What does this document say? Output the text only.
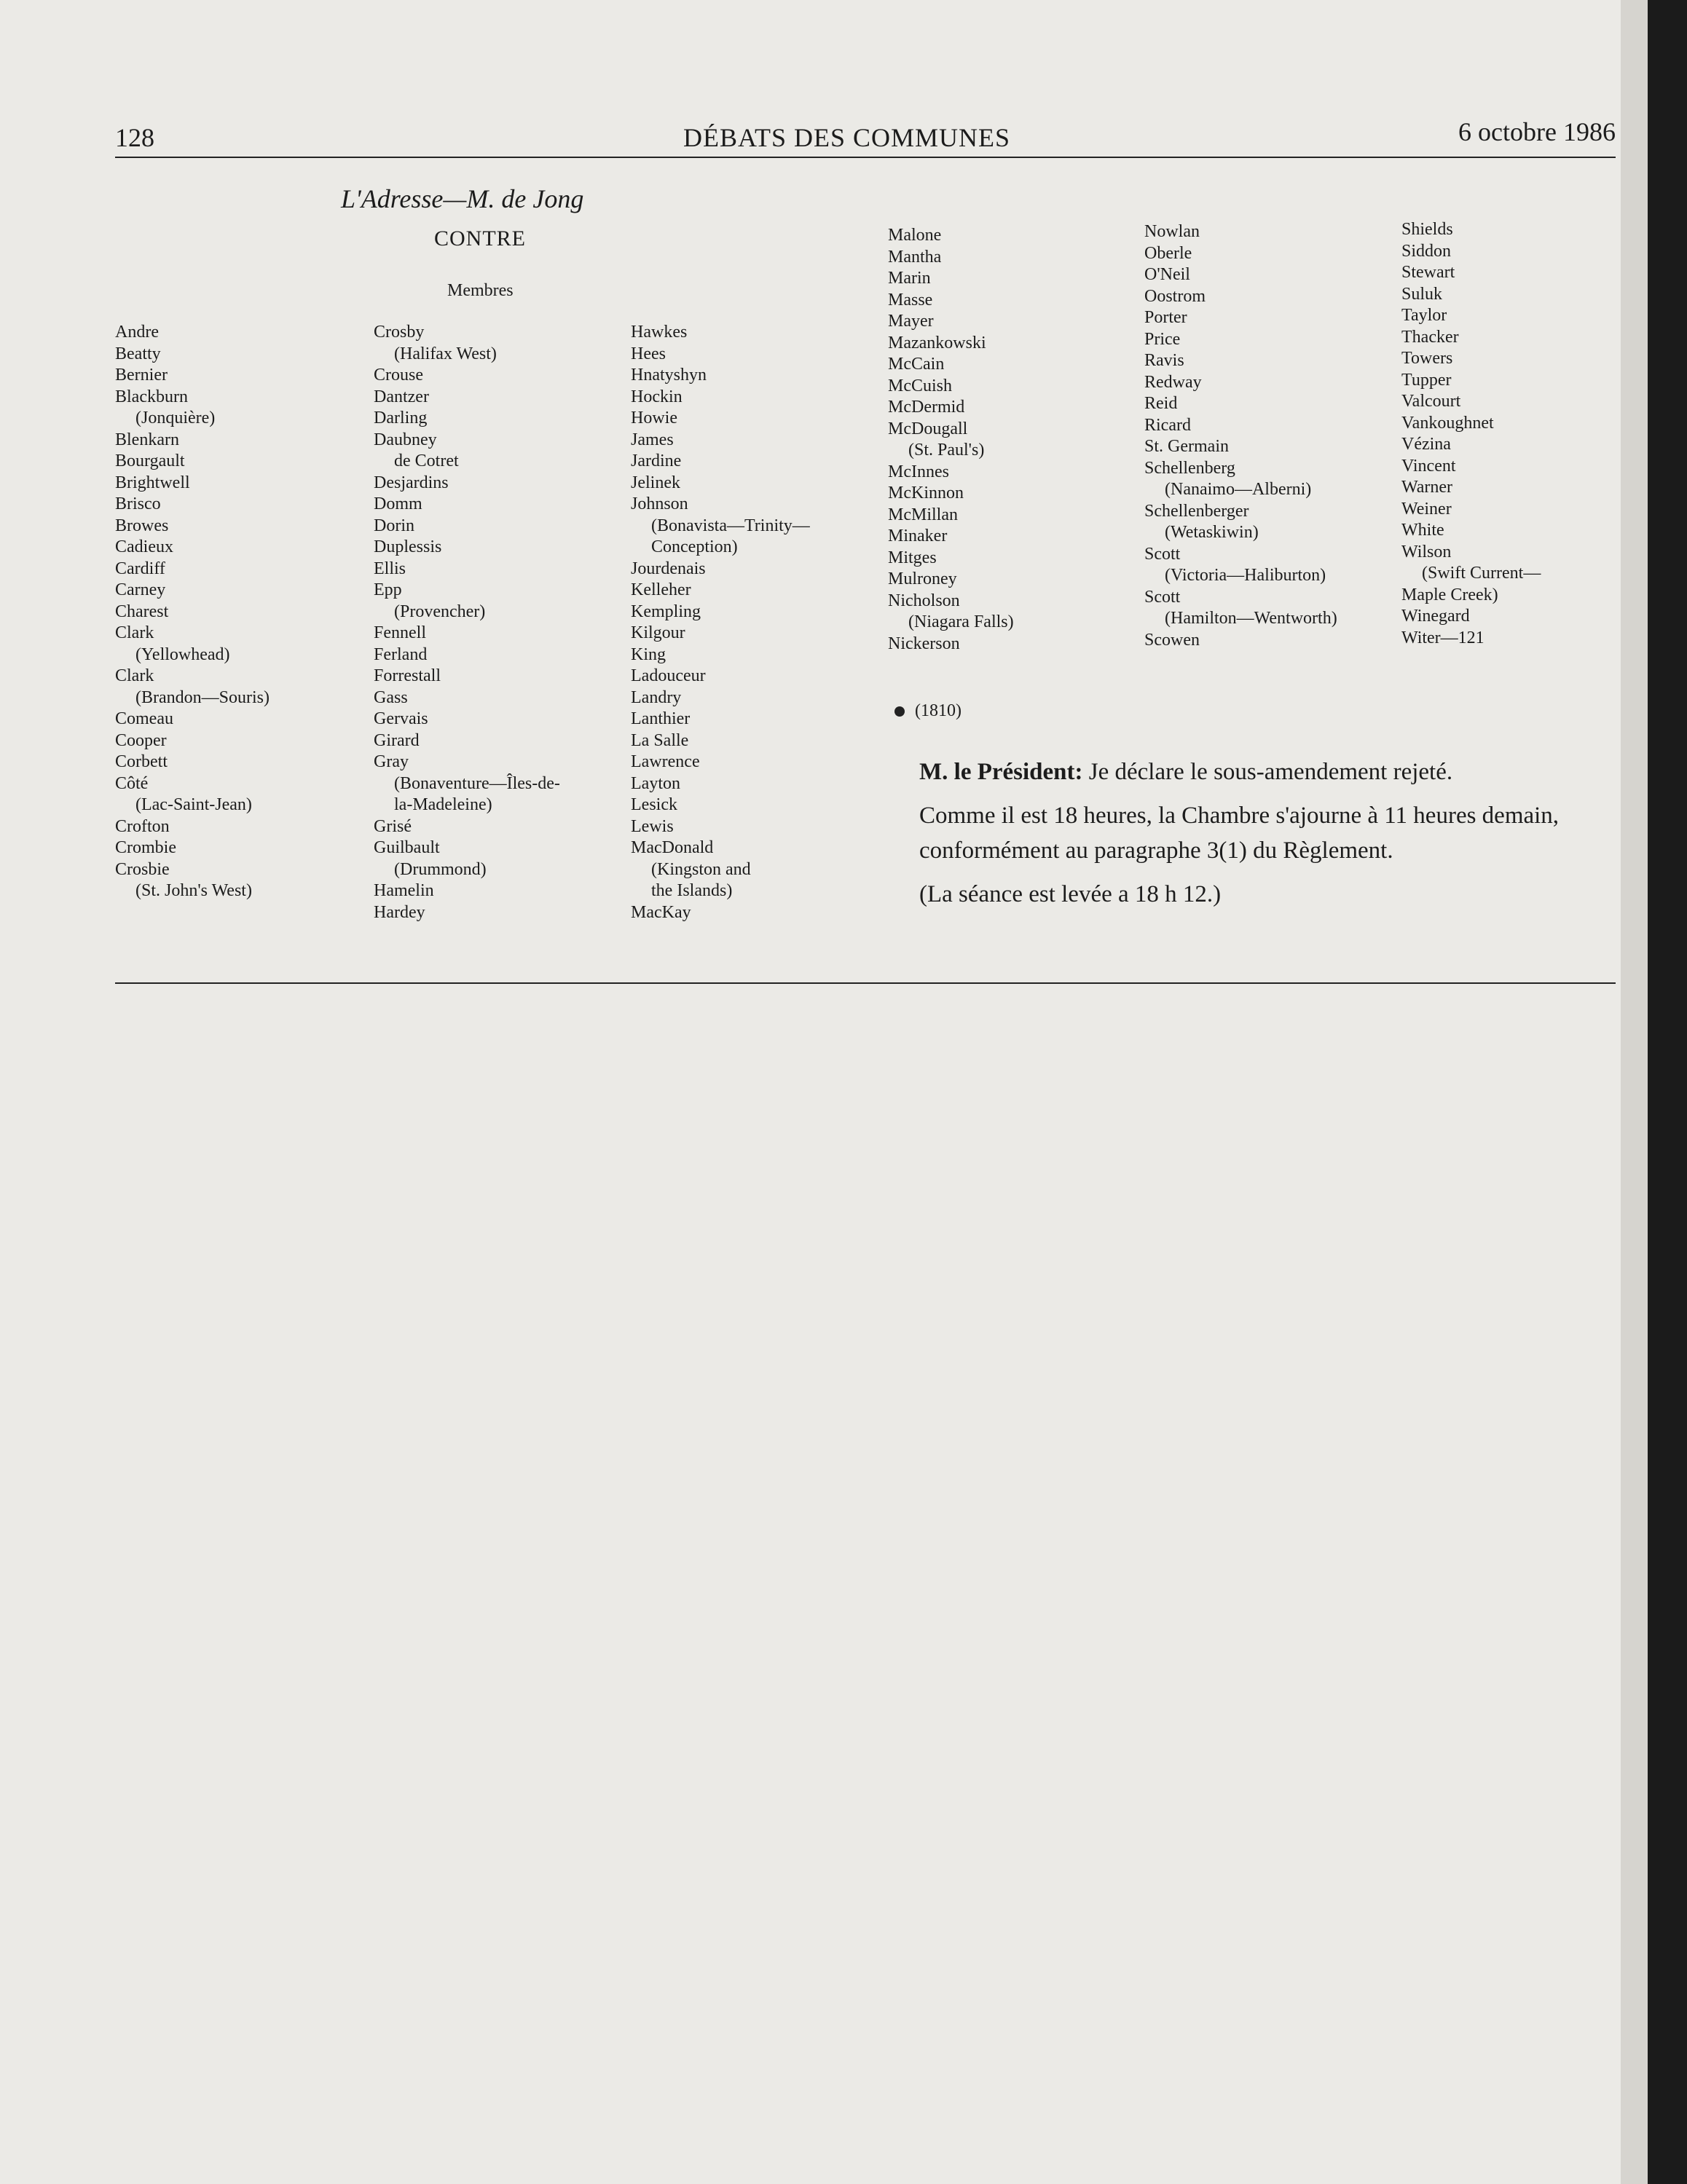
128	DÉBATS DES COMMUNES	6 octobre 1986
L'Adresse—M. de Jong
CONTRE
Membres
Andre
Beatty
Bernier
Blackburn
(Jonquière)
Blenkarn
Bourgault
Brightwell
Brisco
Browes
Cadieux
Cardiff
Carney
Charest
Clark
(Yellowhead)
Clark
(Brandon—Souris)
Comeau
Cooper
Corbett
Côté
(Lac-Saint-Jean)
Crofton
Crombie
Crosbie
(St. John's West)
Crosby
(Halifax West)
Crouse
Dantzer
Darling
Daubney
de Cotret
Desjardins
Domm
Dorin
Duplessis
Ellis
Epp
(Provencher)
Fennell
Ferland
Forrestall
Gass
Gervais
Girard
Gray
(Bonaventure—Îles-de-
la-Madeleine)
Grisé
Guilbault
(Drummond)
Hamelin
Hardey
Hawkes
Hees
Hnatyshyn
Hockin
Howie
James
Jardine
Jelinek
Johnson
(Bonavista—Trinity—
Conception)
Jourdenais
Kelleher
Kempling
Kilgour
King
Ladouceur
Landry
Lanthier
La Salle
Lawrence
Layton
Lesick
Lewis
MacDonald
(Kingston and
the Islands)
MacKay
Malone
Mantha
Marin
Masse
Mayer
Mazankowski
McCain
McCuish
McDermid
McDougall
(St. Paul's)
McInnes
McKinnon
McMillan
Minaker
Mitges
Mulroney
Nicholson
(Niagara Falls)
Nickerson
Nowlan
Oberle
O'Neil
Oostrom
Porter
Price
Ravis
Redway
Reid
Ricard
St. Germain
Schellenberg
(Nanaimo—Alberni)
Schellenberger
(Wetaskiwin)
Scott
(Victoria—Haliburton)
Scott
(Hamilton—Wentworth)
Scowen
Shields
Siddon
Stewart
Suluk
Taylor
Thacker
Towers
Tupper
Valcourt
Vankoughnet
Vézina
Vincent
Warner
Weiner
White
Wilson
(Swift Current—
Maple Creek)
Winegard
Witer—121
(1810)

M. le Président: Je déclare le sous-amendement rejeté.

Comme il est 18 heures, la Chambre s'ajourne à 11 heures demain, conformément au paragraphe 3(1) du Règlement.

(La séance est levée a 18 h 12.)
